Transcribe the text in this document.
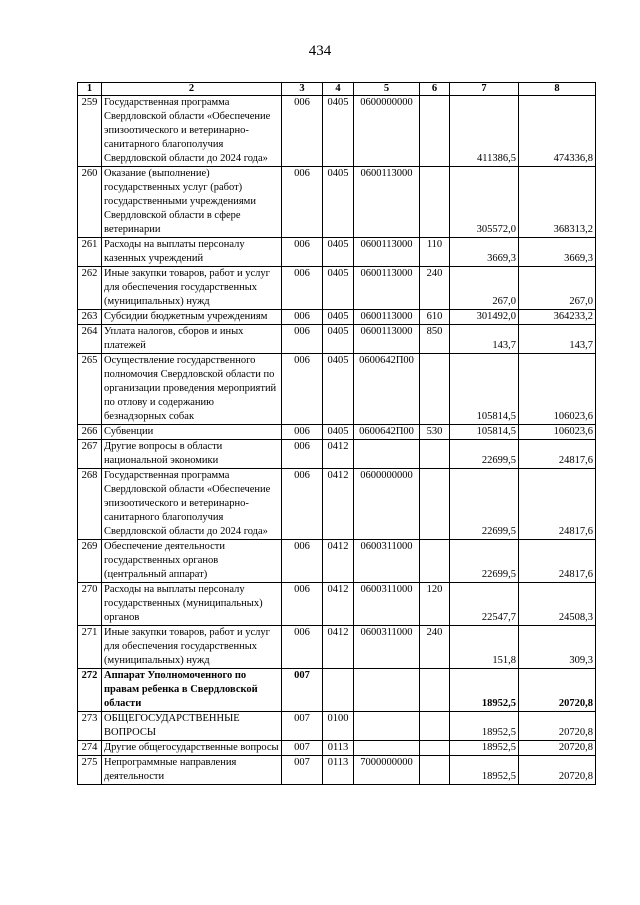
434
1	2	3	4	5	6	7	8
259	Государственная программа Свердловской области «Обеспечение эпизоотического и ветеринарно-санитарного благополучия Свердловской области до 2024 года»	006	0405	0600000000		411386,5	474336,8
260	Оказание (выполнение) государственных услуг (работ) государственными учреждениями Свердловской области в сфере ветеринарии	006	0405	0600113000		305572,0	368313,2
261	Расходы на выплаты персоналу казенных учреждений	006	0405	0600113000	110	3669,3	3669,3
262	Иные закупки товаров, работ и услуг для обеспечения государственных (муниципальных) нужд	006	0405	0600113000	240	267,0	267,0
263	Субсидии бюджетным учреждениям	006	0405	0600113000	610	301492,0	364233,2
264	Уплата налогов, сборов и иных платежей	006	0405	0600113000	850	143,7	143,7
265	Осуществление государственного полномочия Свердловской области по организации проведения мероприятий по отлову и содержанию безнадзорных собак	006	0405	0600642П00		105814,5	106023,6
266	Субвенции	006	0405	0600642П00	530	105814,5	106023,6
267	Другие вопросы в области национальной экономики	006	0412			22699,5	24817,6
268	Государственная программа Свердловской области «Обеспечение эпизоотического и ветеринарно-санитарного благополучия Свердловской области до 2024 года»	006	0412	0600000000		22699,5	24817,6
269	Обеспечение деятельности государственных органов (центральный аппарат)	006	0412	0600311000		22699,5	24817,6
270	Расходы на выплаты персоналу государственных (муниципальных) органов	006	0412	0600311000	120	22547,7	24508,3
271	Иные закупки товаров, работ и услуг для обеспечения государственных (муниципальных) нужд	006	0412	0600311000	240	151,8	309,3
272	Аппарат Уполномоченного по правам ребенка в Свердловской области	007				18952,5	20720,8
273	ОБЩЕГОСУДАРСТВЕННЫЕ ВОПРОСЫ	007	0100			18952,5	20720,8
274	Другие общегосударственные вопросы	007	0113			18952,5	20720,8
275	Непрограммные направления деятельности	007	0113	7000000000		18952,5	20720,8
